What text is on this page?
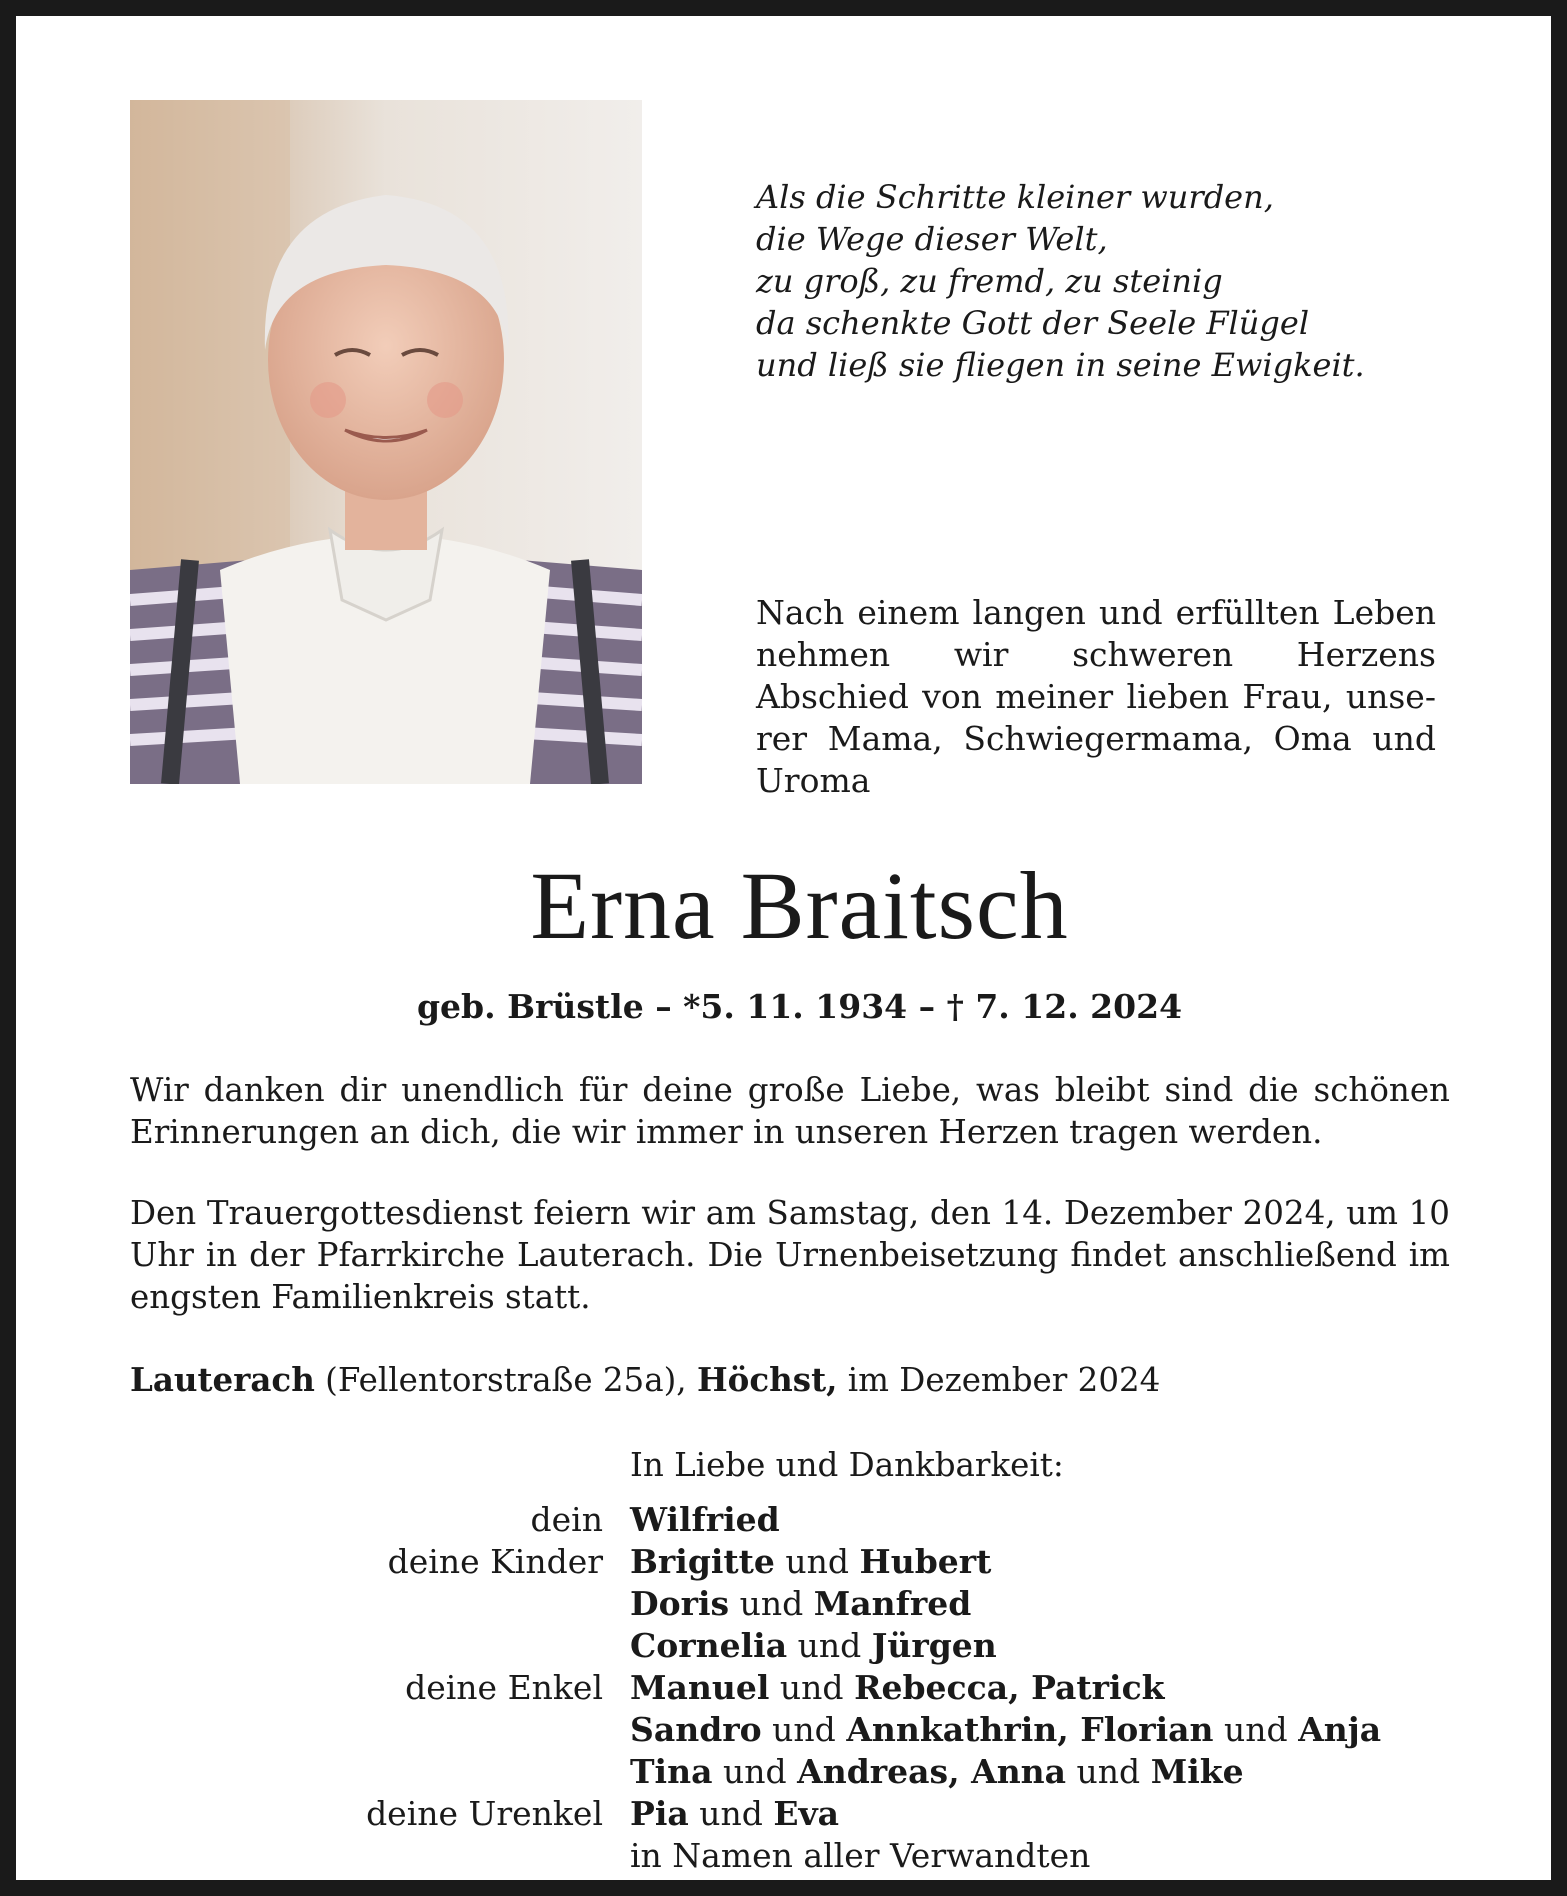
Als die Schritte kleiner wurden,
die Wege dieser Welt,
zu groß, zu fremd, zu steinig
da schenkte Gott der Seele Flügel
und ließ sie fliegen in seine Ewigkeit.
Nach einem langen und erfüllten Leben nehmen wir schweren Herzens Abschied von meiner lieben Frau, unserer Mama, Schwiegermama, Oma und Uroma
Erna Braitsch
geb. Brüstle – *5. 11. 1934 – † 7. 12. 2024
Wir danken dir unendlich für deine große Liebe, was bleibt sind die schönen Erinnerungen an dich, die wir immer in unseren Herzen tragen werden.
Den Trauergottesdienst feiern wir am Samstag, den 14. Dezember 2024, um 10 Uhr in der Pfarrkirche Lauterach. Die Urnenbeisetzung findet anschließend im engsten Familienkreis statt.
Lauterach (Fellentorstraße 25a), Höchst, im Dezember 2024
In Liebe und Dankbarkeit:
dein Wilfried
deine Kinder Brigitte und Hubert
Doris und Manfred
Cornelia und Jürgen
deine Enkel Manuel und Rebecca, Patrick
Sandro und Annkathrin, Florian und Anja
Tina und Andreas, Anna und Mike
deine Urenkel Pia und Eva
in Namen aller Verwandten
